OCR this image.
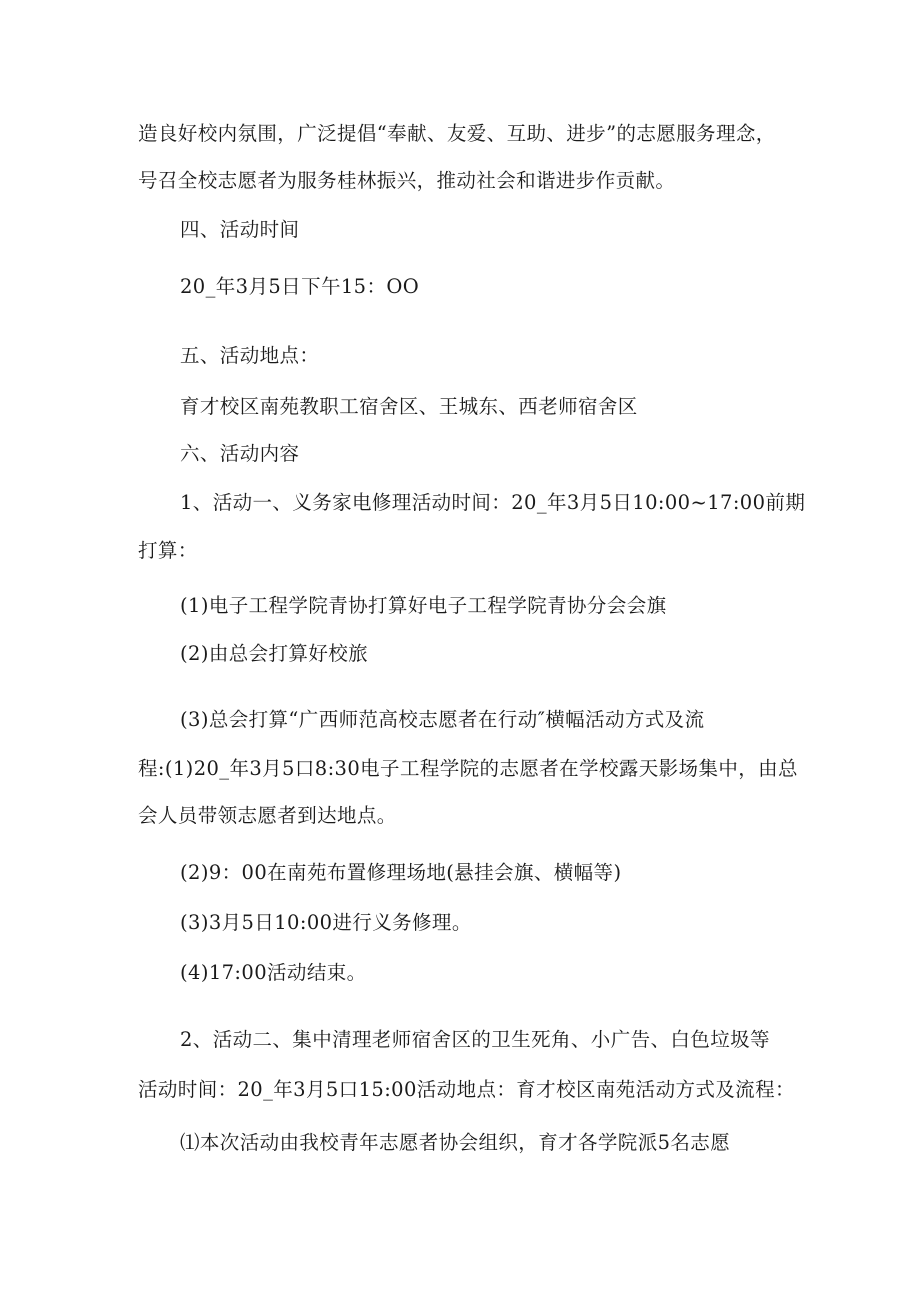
造良好校内氛围，广泛提倡“奉献、友爱、互助、进步”的志愿服务理念，
号召全校志愿者为服务桂林振兴，推动社会和谐进步作贡献。
四、活动时间
20_年3月5日下午15：OO
五、活动地点：
育才校区南苑教职工宿舍区、王城东、西老师宿舍区
六、活动内容
1、活动一、义务家电修理活动时间：20_年3月5日10:00~17:00前期
打算：
(1)电子工程学院青协打算好电子工程学院青协分会会旗
(2)由总会打算好校旅
(3)总会打算“广西师范高校志愿者在行动″横幅活动方式及流
程:(1)20_年3月5口8:30电子工程学院的志愿者在学校露天影场集中，由总
会人员带领志愿者到达地点。
(2)9：00在南苑布置修理场地(悬挂会旗、横幅等)
(3)3月5日10:00进行义务修理。
(4)17:00活动结束。
2、活动二、集中清理老师宿舍区的卫生死角、小广告、白色垃圾等
活动时间：20_年3月5口15:00活动地点：育才校区南苑活动方式及流程：
⑴本次活动由我校青年志愿者协会组织，育才各学院派5名志愿
